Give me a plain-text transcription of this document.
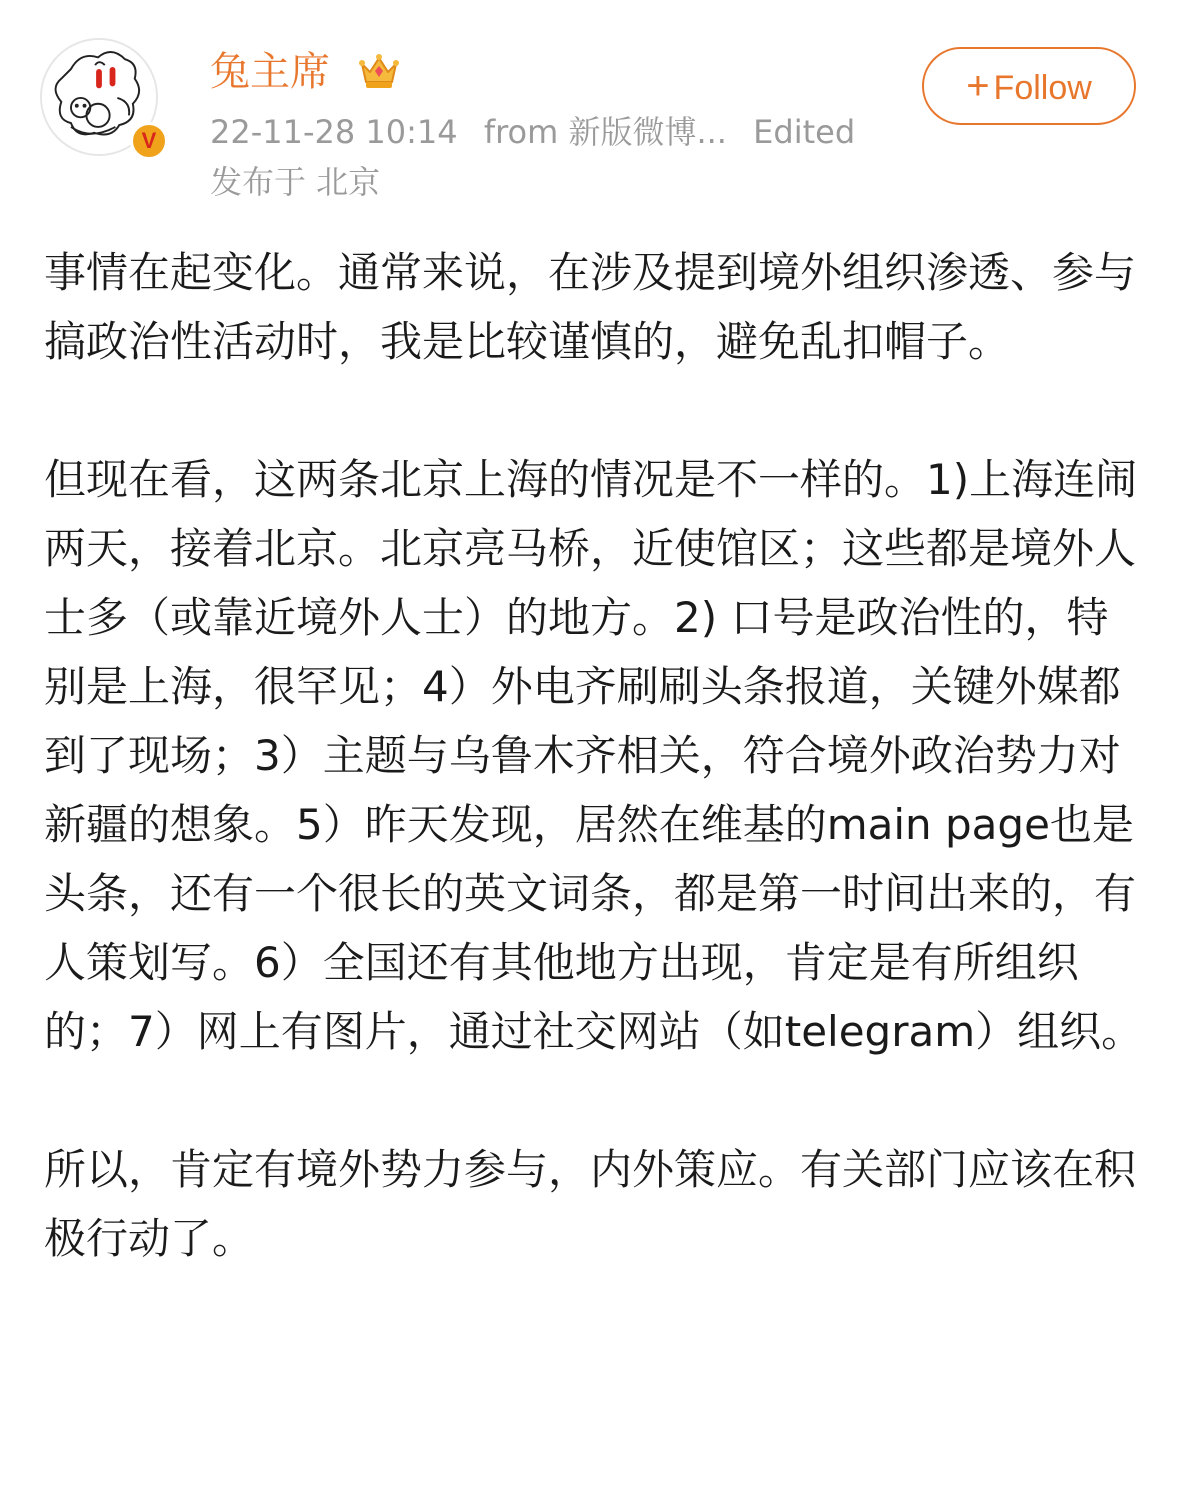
V
兔主席
22-11-28 10:14 from 新版微博... Edited
发布于 北京
+ Follow

事情在起变化。通常来说，在涉及提到境外组织渗透、参与搞政治性活动时，我是比较谨慎的，避免乱扣帽子。

但现在看，这两条北京上海的情况是不一样的。1)上海连闹两天，接着北京。北京亮马桥，近使馆区；这些都是境外人士多（或靠近境外人士）的地方。2) 口号是政治性的，特别是上海，很罕见；4）外电齐刷刷头条报道，关键外媒都到了现场；3）主题与乌鲁木齐相关，符合境外政治势力对新疆的想象。5）昨天发现，居然在维基的main page也是头条，还有一个很长的英文词条，都是第一时间出来的，有人策划写。6）全国还有其他地方出现，肯定是有所组织的；7）网上有图片，通过社交网站（如telegram）组织。

所以，肯定有境外势力参与，内外策应。有关部门应该在积极行动了。
